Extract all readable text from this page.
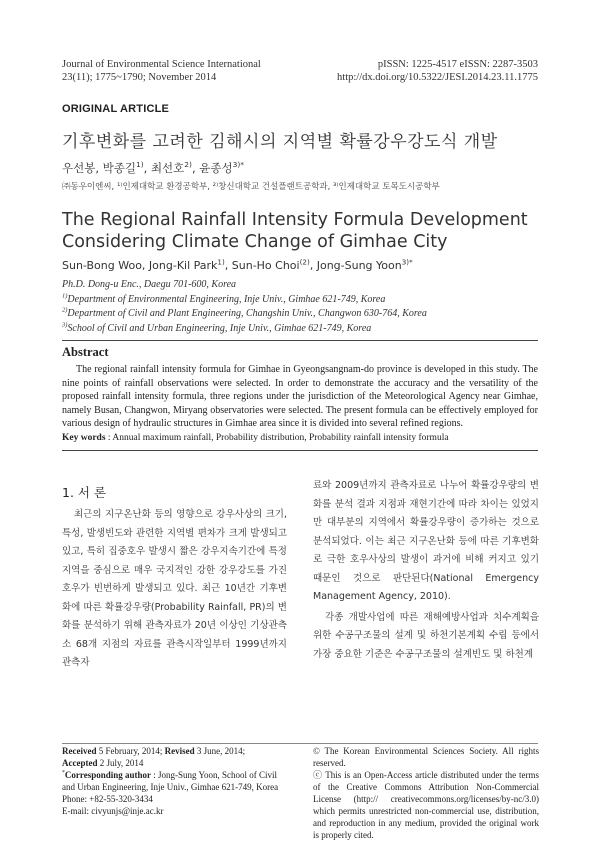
Journal of Environmental Science International
23(11); 1775~1790; November 2014
pISSN: 1225-4517 eISSN: 2287-3503
http://dx.doi.org/10.5322/JESI.2014.23.11.1775
ORIGINAL ARTICLE
기후변화를 고려한 김해시의 지역별 확률강우강도식 개발
우선봉, 박종길$^{1)}$, 최선호$^{2)}$, 윤종성$^{3)*}$
㈜동우이엔씨, ¹⁾인제대학교 환경공학부, ²⁾창신대학교 건설플랜트공학과, ³⁾인제대학교 토목도시공학부
The Regional Rainfall Intensity Formula Development Considering Climate Change of Gimhae City
Sun-Bong Woo, Jong-Kil Park$^{1)}$, Sun-Ho Choi$^{(2)}$, Jong-Sung Yoon$^{3)*}$
Ph.D. Dong-u Enc., Daegu 701-600, Korea
$^{1)}$Department of Environmental Engineering, Inje Univ., Gimhae 621-749, Korea
$^{2)}$Department of Civil and Plant Engineering, Changshin Univ., Changwon 630-764, Korea
$^{3)}$School of Civil and Urban Engineering, Inje Univ., Gimhae 621-749, Korea
Abstract
The regional rainfall intensity formula for Gimhae in Gyeongsangnam-do province is developed in this study. The nine points of rainfall observations were selected. In order to demonstrate the accuracy and the versatility of the proposed rainfall intensity formula, three regions under the jurisdiction of the Meteorological Agency near Gimhae, namely Busan, Changwon, Miryang observatories were selected. The present formula can be effectively employed for various design of hydraulic structures in Gimhae area since it is divided into several refined regions.
Key words : Annual maximum rainfall, Probability distribution, Probability rainfall intensity formula
1. 서 론

최근의 지구온난화 등의 영향으로 강우사상의 크기, 특성, 발생빈도와 관련한 지역별 편차가 크게 발생되고 있고, 특히 집중호우 발생시 짧은 강우지속기간에 특정 지역을 중심으로 매우 국지적인 강한 강우강도를 가진 호우가 빈번하게 발생되고 있다. 최근 10년간 기후변화에 따른 확률강우량(Probability Rainfall, PR)의 변화를 분석하기 위해 관측자료가 20년 이상인 기상관측소 68개 지점의 자료를 관측시작일부터 1999년까지 관측자

료와 2009년까지 관측자료로 나누어 확률강우량의 변화를 분석 결과 지점과 재현기간에 따라 차이는 있었지만 대부분의 지역에서 확률강우량이 증가하는 것으로 분석되었다. 이는 최근 지구온난화 등에 따른 기후변화로 극한 호우사상의 발생이 과거에 비해 커지고 있기 때문인 것으로 판단된다(National Emergency Management Agency, 2010).

각종 개발사업에 따른 재해예방사업과 치수계획을 위한 수공구조물의 설계 및 하천기본계획 수립 등에서 가장 중요한 기준은 수공구조물의 설계빈도 및 하천계

Received 5 February, 2014; Revised 3 June, 2014;
Accepted 2 July, 2014
*Corresponding author : Jong-Sung Yoon, School of Civil and Urban Engineering, Inje Univ., Gimhae 621-749, Korea
Phone: +82-55-320-3434
E-mail: civyunjs@inje.ac.kr
© The Korean Environmental Sciences Society. All rights reserved.
ⓒ This is an Open-Access article distributed under the terms of the Creative Commons Attribution Non-Commercial License (http:// creativecommons.org/licenses/by-nc/3.0) which permits unrestricted non-commercial use, distribution, and reproduction in any medium, provided the original work is properly cited.
